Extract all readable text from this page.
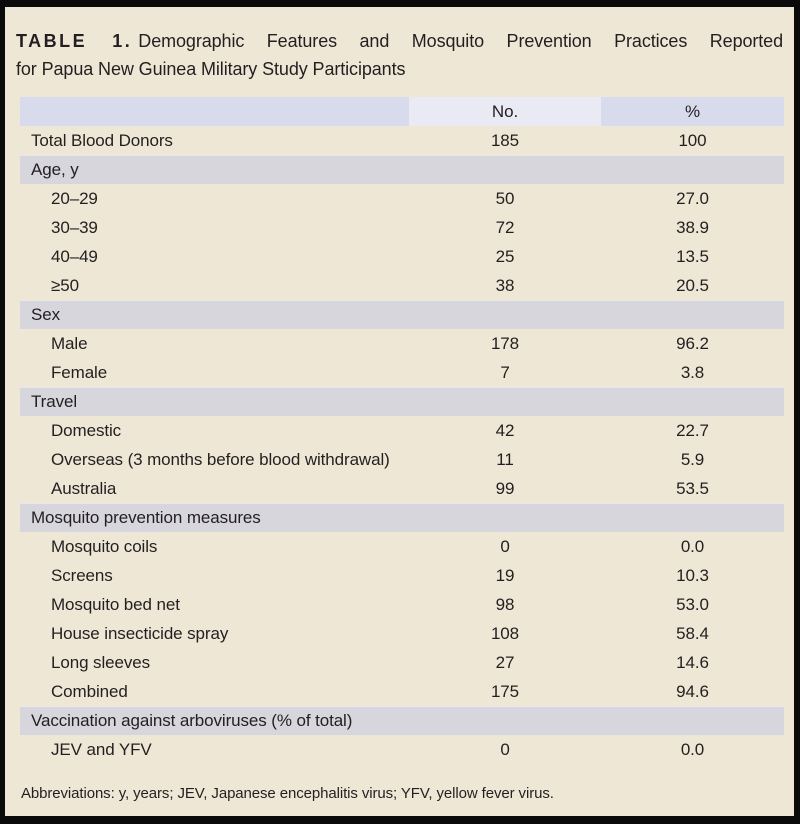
TABLE 1. Demographic Features and Mosquito Prevention Practices Reported
for Papua New Guinea Military Study Participants
No.	%
Total Blood Donors	185	100
Age, y
20–29	50	27.0
30–39	72	38.9
40–49	25	13.5
≥50	38	20.5
Sex
Male	178	96.2
Female	7	3.8
Travel
Domestic	42	22.7
Overseas (3 months before blood withdrawal)	11	5.9
Australia	99	53.5
Mosquito prevention measures
Mosquito coils	0	0.0
Screens	19	10.3
Mosquito bed net	98	53.0
House insecticide spray	108	58.4
Long sleeves	27	14.6
Combined	175	94.6
Vaccination against arboviruses (% of total)
JEV and YFV	0	0.0
Abbreviations: y, years; JEV, Japanese encephalitis virus; YFV, yellow fever virus.
